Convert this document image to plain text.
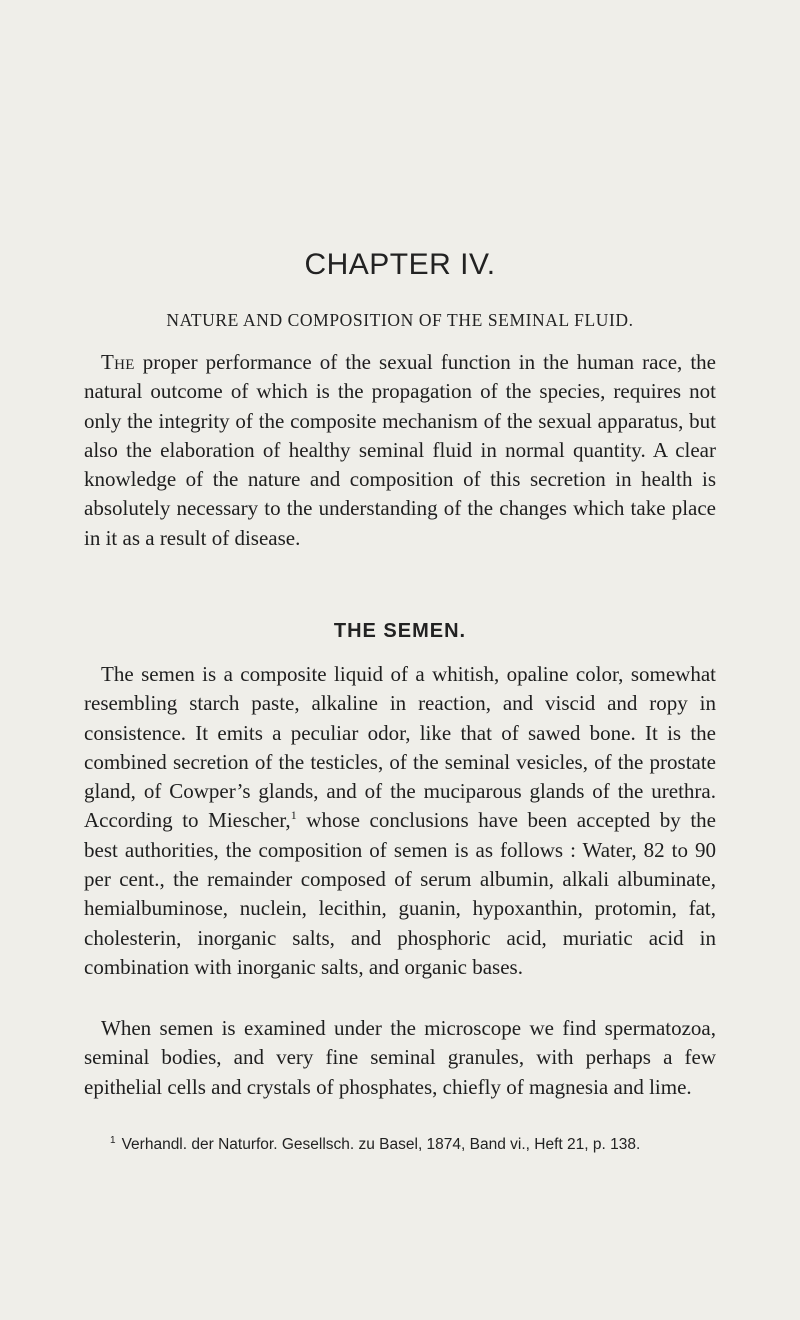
CHAPTER IV.
NATURE AND COMPOSITION OF THE SEMINAL FLUID.

The proper performance of the sexual function in the human race, the natural outcome of which is the propagation of the species, requires not only the integrity of the composite mechanism of the sexual apparatus, but also the elaboration of healthy seminal fluid in normal quantity. A clear knowledge of the nature and composition of this secretion in health is absolutely necessary to the understanding of the changes which take place in it as a result of disease.

THE SEMEN.

The semen is a composite liquid of a whitish, opaline color, somewhat resembling starch paste, alkaline in reaction, and viscid and ropy in consistence. It emits a peculiar odor, like that of sawed bone. It is the combined secretion of the testicles, of the seminal vesicles, of the prostate gland, of Cowper’s glands, and of the muciparous glands of the urethra. According to Miescher,$^1$ whose conclusions have been accepted by the best authorities, the composition of semen is as follows : Water, 82 to 90 per cent., the remainder composed of serum albumin, alkali albuminate, hemialbuminose, nuclein, lecithin, guanin, hypoxanthin, protomin, fat, cholesterin, inorganic salts, and phosphoric acid, muriatic acid in combination with inorganic salts, and organic bases.

When semen is examined under the microscope we find spermatozoa, seminal bodies, and very fine seminal granules, with perhaps a few epithelial cells and crystals of phosphates, chiefly of magnesia and lime.

$^1$ Verhandl. der Naturfor. Gesellsch. zu Basel, 1874, Band vi., Heft 21, p. 138.
